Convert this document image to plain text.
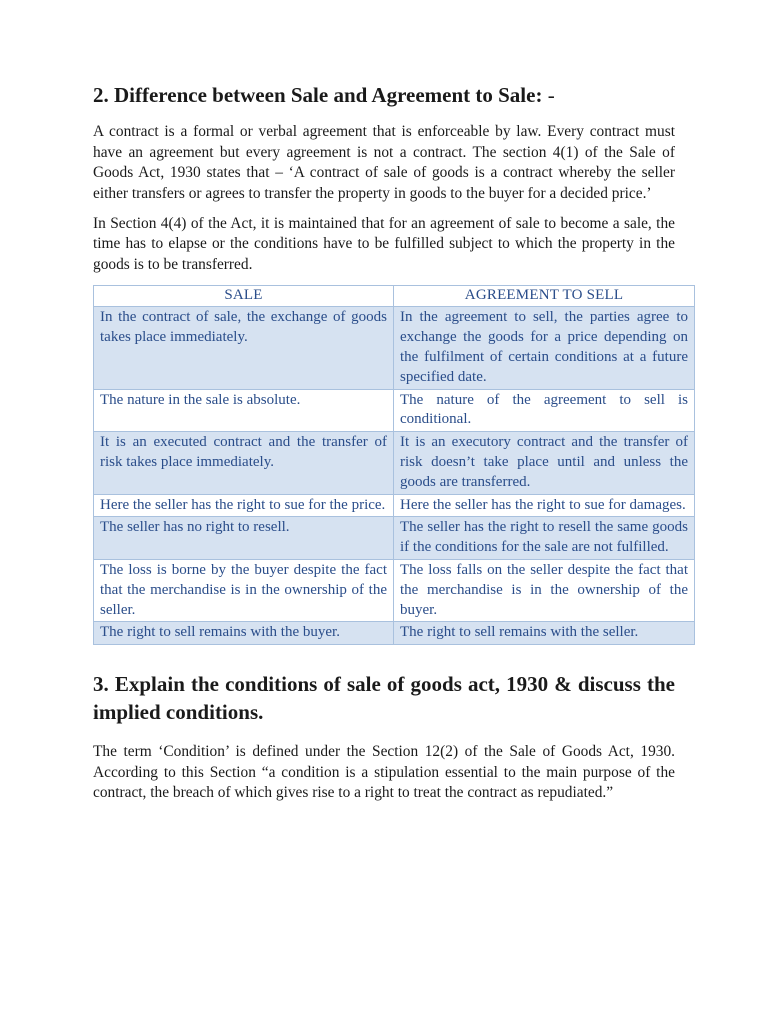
2. Difference between Sale and Agreement to Sale: -

A contract is a formal or verbal agreement that is enforceable by law. Every contract must have an agreement but every agreement is not a contract. The section 4(1) of the Sale of Goods Act, 1930 states that – ‘A contract of sale of goods is a contract whereby the seller either transfers or agrees to transfer the property in goods to the buyer for a decided price.’

In Section 4(4) of the Act, it is maintained that for an agreement of sale to become a sale, the time has to elapse or the conditions have to be fulfilled subject to which the property in the goods is to be transferred.

SALE	AGREEMENT TO SELL
In the contract of sale, the exchange of goods takes place immediately.	In the agreement to sell, the parties agree to exchange the goods for a price depending on the fulfilment of certain conditions at a future specified date.
The nature in the sale is absolute.	The nature of the agreement to sell is conditional.
It is an executed contract and the transfer of risk takes place immediately.	It is an executory contract and the transfer of risk doesn’t take place until and unless the goods are transferred.
Here the seller has the right to sue for the price.	Here the seller has the right to sue for damages.
The seller has no right to resell.	The seller has the right to resell the same goods if the conditions for the sale are not fulfilled.
The loss is borne by the buyer despite the fact that the merchandise is in the ownership of the seller.	The loss falls on the seller despite the fact that the merchandise is in the ownership of the buyer.
The right to sell remains with the buyer.	The right to sell remains with the seller.
3. Explain the conditions of sale of goods act, 1930 & discuss the implied conditions.

The term ‘Condition’ is defined under the Section 12(2) of the Sale of Goods Act, 1930. According to this Section “a condition is a stipulation essential to the main purpose of the contract, the breach of which gives rise to a right to treat the contract as repudiated.”
